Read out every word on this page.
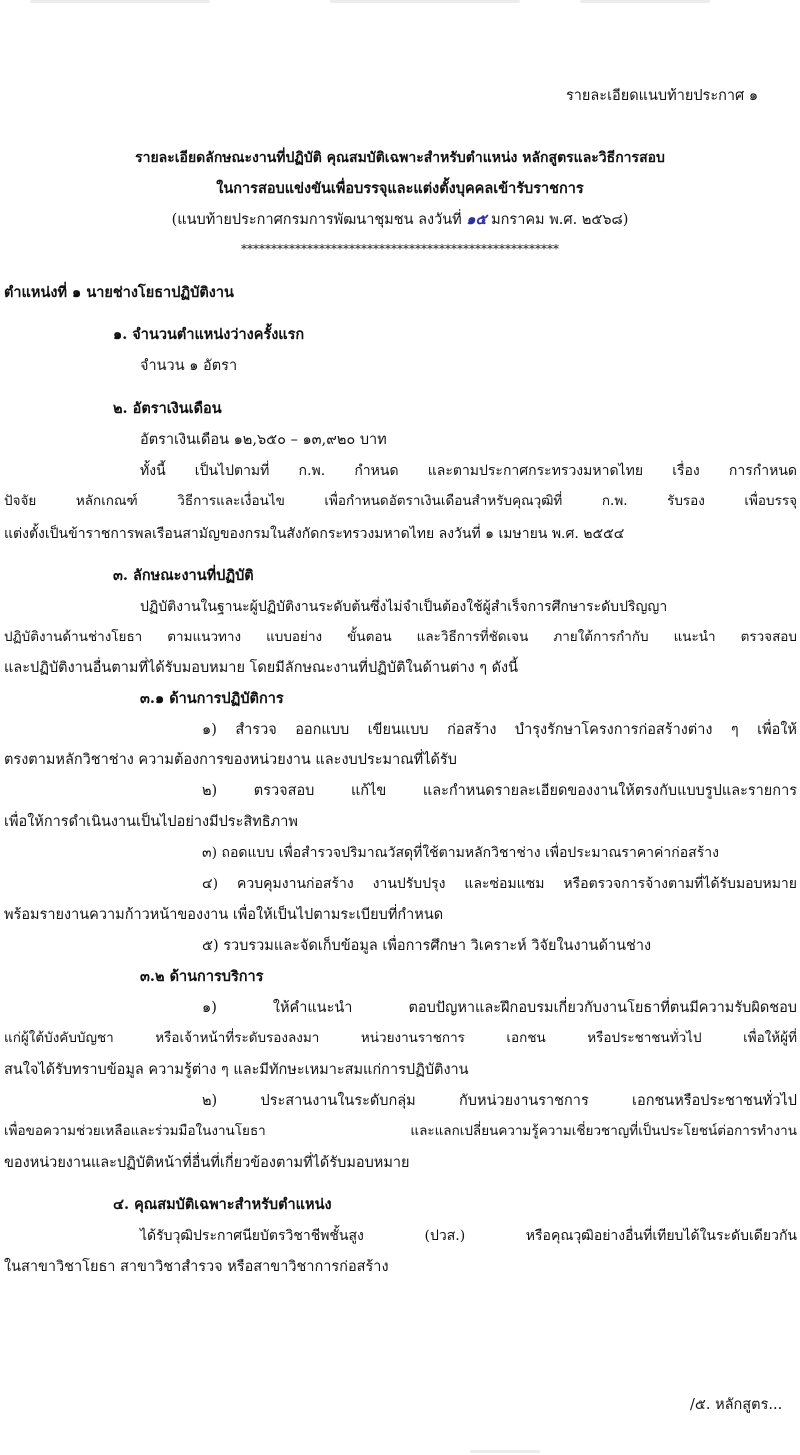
รายละเอียดแนบท้ายประกาศ ๑
รายละเอียดลักษณะงานที่ปฏิบัติ คุณสมบัติเฉพาะสำหรับตำแหน่ง หลักสูตรและวิธีการสอบ
ในการสอบแข่งขันเพื่อบรรจุและแต่งตั้งบุคคลเข้ารับราชการ
(แนบท้ายประกาศกรมการพัฒนาชุมชน ลงวันที่ ๑๕ มกราคม พ.ศ. ๒๕๖๘)
*****************************************************
ตำแหน่งที่ ๑ นายช่างโยธาปฏิบัติงาน
๑. จำนวนตำแหน่งว่างครั้งแรก
จำนวน ๑ อัตรา
๒. อัตราเงินเดือน
อัตราเงินเดือน ๑๒,๖๕๐ – ๑๓,๙๒๐ บาท
ทั้งนี้ เป็นไปตามที่ ก.พ. กำหนด และตามประกาศกระทรวงมหาดไทย เรื่อง การกำหนด
ปัจจัย หลักเกณฑ์ วิธีการและเงื่อนไข เพื่อกำหนดอัตราเงินเดือนสำหรับคุณวุฒิที่ ก.พ. รับรอง เพื่อบรรจุ
แต่งตั้งเป็นข้าราชการพลเรือนสามัญของกรมในสังกัดกระทรวงมหาดไทย ลงวันที่ ๑ เมษายน พ.ศ. ๒๕๕๔
๓. ลักษณะงานที่ปฏิบัติ
ปฏิบัติงานในฐานะผู้ปฏิบัติงานระดับต้นซึ่งไม่จำเป็นต้องใช้ผู้สำเร็จการศึกษาระดับปริญญา
ปฏิบัติงานด้านช่างโยธา ตามแนวทาง แบบอย่าง ขั้นตอน และวิธีการที่ชัดเจน ภายใต้การกำกับ แนะนำ ตรวจสอบ
และปฏิบัติงานอื่นตามที่ได้รับมอบหมาย โดยมีลักษณะงานที่ปฏิบัติในด้านต่าง ๆ ดังนี้
๓.๑ ด้านการปฏิบัติการ
๑) สำรวจ ออกแบบ เขียนแบบ ก่อสร้าง บำรุงรักษาโครงการก่อสร้างต่าง ๆ เพื่อให้
ตรงตามหลักวิชาช่าง ความต้องการของหน่วยงาน และงบประมาณที่ได้รับ
๒) ตรวจสอบ แก้ไข และกำหนดรายละเอียดของงานให้ตรงกับแบบรูปและรายการ
เพื่อให้การดำเนินงานเป็นไปอย่างมีประสิทธิภาพ
๓) ถอดแบบ เพื่อสำรวจปริมาณวัสดุที่ใช้ตามหลักวิชาช่าง เพื่อประมาณราคาค่าก่อสร้าง
๔) ควบคุมงานก่อสร้าง งานปรับปรุง และซ่อมแซม หรือตรวจการจ้างตามที่ได้รับมอบหมาย
พร้อมรายงานความก้าวหน้าของงาน เพื่อให้เป็นไปตามระเบียบที่กำหนด
๕) รวบรวมและจัดเก็บข้อมูล เพื่อการศึกษา วิเคราะห์ วิจัยในงานด้านช่าง
๓.๒ ด้านการบริการ
๑) ให้คำแนะนำ ตอบปัญหาและฝึกอบรมเกี่ยวกับงานโยธาที่ตนมีความรับผิดชอบ
แก่ผู้ใต้บังคับบัญชา หรือเจ้าหน้าที่ระดับรองลงมา หน่วยงานราชการ เอกชน หรือประชาชนทั่วไป เพื่อให้ผู้ที่
สนใจได้รับทราบข้อมูล ความรู้ต่าง ๆ และมีทักษะเหมาะสมแก่การปฏิบัติงาน
๒) ประสานงานในระดับกลุ่ม กับหน่วยงานราชการ เอกชนหรือประชาชนทั่วไป
เพื่อขอความช่วยเหลือและร่วมมือในงานโยธา และแลกเปลี่ยนความรู้ความเชี่ยวชาญที่เป็นประโยชน์ต่อการทำงาน
ของหน่วยงานและปฏิบัติหน้าที่อื่นที่เกี่ยวข้องตามที่ได้รับมอบหมาย
๔. คุณสมบัติเฉพาะสำหรับตำแหน่ง
ได้รับวุฒิประกาศนียบัตรวิชาชีพชั้นสูง (ปวส.) หรือคุณวุฒิอย่างอื่นที่เทียบได้ในระดับเดียวกัน
ในสาขาวิชาโยธา สาขาวิชาสำรวจ หรือสาขาวิชาการก่อสร้าง
/๕. หลักสูตร...
